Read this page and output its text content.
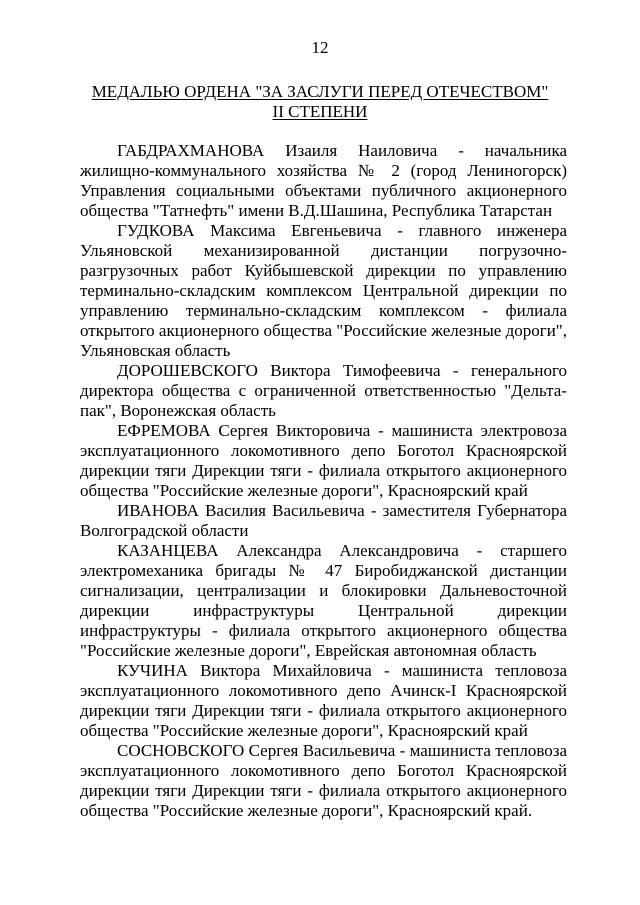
12
МЕДАЛЬЮ ОРДЕНА "ЗА ЗАСЛУГИ ПЕРЕД ОТЕЧЕСТВОМ"
II СТЕПЕНИ

ГАБДРАХМАНОВА Изаиля Наиловича - начальника жилищно-коммунального хозяйства № 2 (город Лениногорск) Управления социальными объектами публичного акционерного общества "Татнефть" имени В.Д.Шашина, Республика Татарстан

ГУДКОВА Максима Евгеньевича - главного инженера Ульяновской механизированной дистанции погрузочно-разгрузочных работ Куйбышевской дирекции по управлению терминально-складским комплексом Центральной дирекции по управлению терминально-складским комплексом - филиала открытого акционерного общества "Российские железные дороги", Ульяновская область

ДОРОШЕВСКОГО Виктора Тимофеевича - генерального директора общества с ограниченной ответственностью "Дельта-пак", Воронежская область

ЕФРЕМОВА Сергея Викторовича - машиниста электровоза эксплуатационного локомотивного депо Боготол Красноярской дирекции тяги Дирекции тяги - филиала открытого акционерного общества "Российские железные дороги", Красноярский край

ИВАНОВА Василия Васильевича - заместителя Губернатора Волгоградской области

КАЗАНЦЕВА Александра Александровича - старшего электромеханика бригады № 47 Биробиджанской дистанции сигнализации, централизации и блокировки Дальневосточной дирекции инфраструктуры Центральной дирекции инфраструктуры - филиала открытого акционерного общества "Российские железные дороги", Еврейская автономная область

КУЧИНА Виктора Михайловича - машиниста тепловоза эксплуатационного локомотивного депо Ачинск-I Красноярской дирекции тяги Дирекции тяги - филиала открытого акционерного общества "Российские железные дороги", Красноярский край

СОСНОВСКОГО Сергея Васильевича - машиниста тепловоза эксплуатационного локомотивного депо Боготол Красноярской дирекции тяги Дирекции тяги - филиала открытого акционерного общества "Российские железные дороги", Красноярский край.
